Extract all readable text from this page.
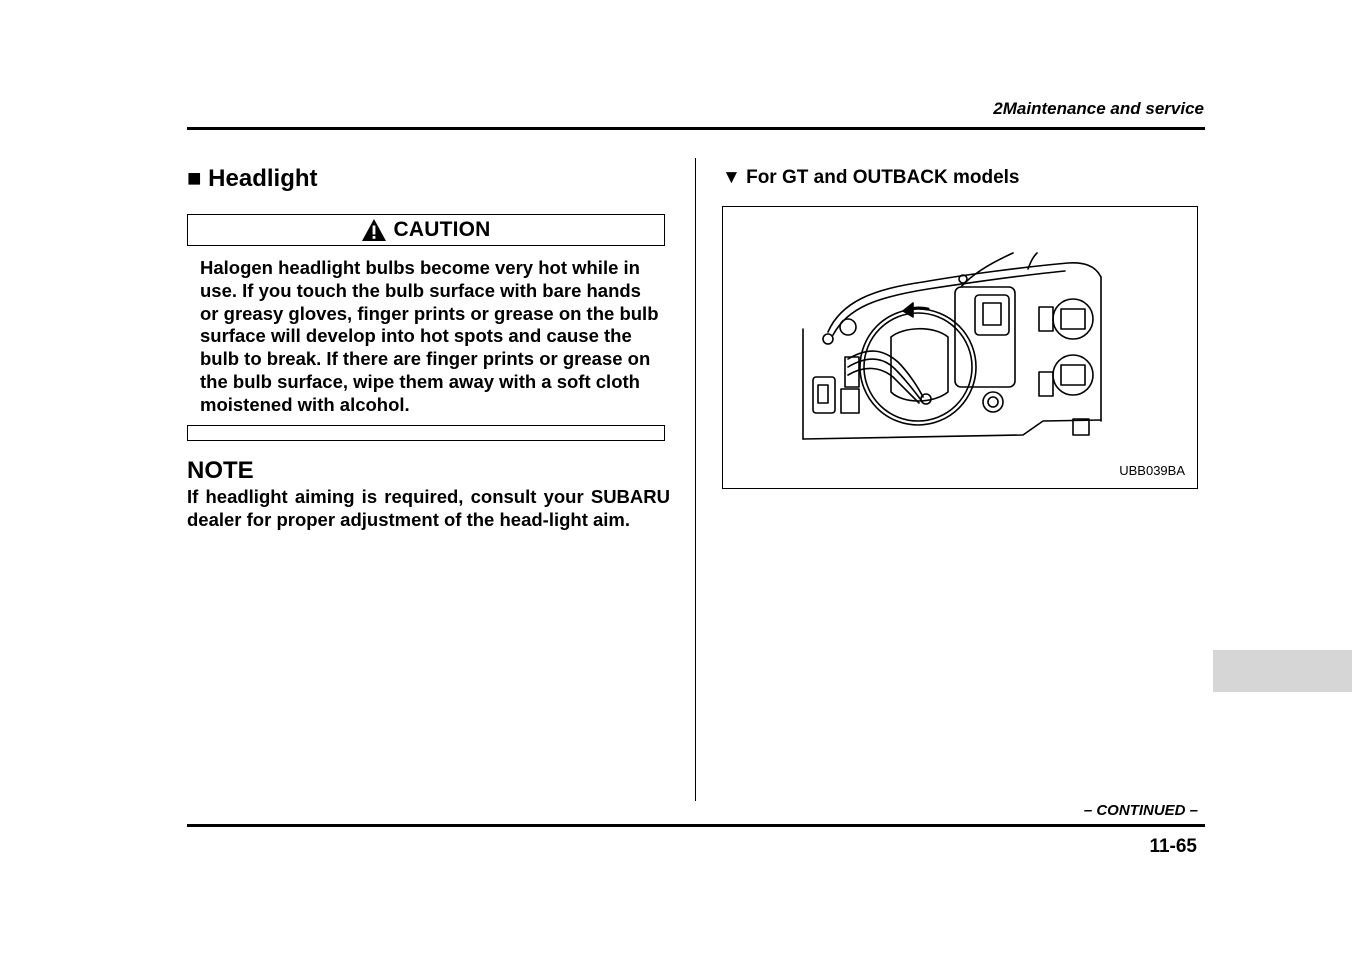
2Maintenance and service
■ Headlight
CAUTION
Halogen headlight bulbs become very hot while in use. If you touch the bulb surface with bare hands or greasy gloves, finger prints or grease on the bulb surface will develop into hot spots and cause the bulb to break. If there are finger prints or grease on the bulb surface, wipe them away with a soft cloth moistened with alcohol.
NOTE
If headlight aiming is required, consult your SUBARU dealer for proper adjustment of the head-light aim.
▼ For GT and OUTBACK models
UBB039BA
– CONTINUED –
11-65
